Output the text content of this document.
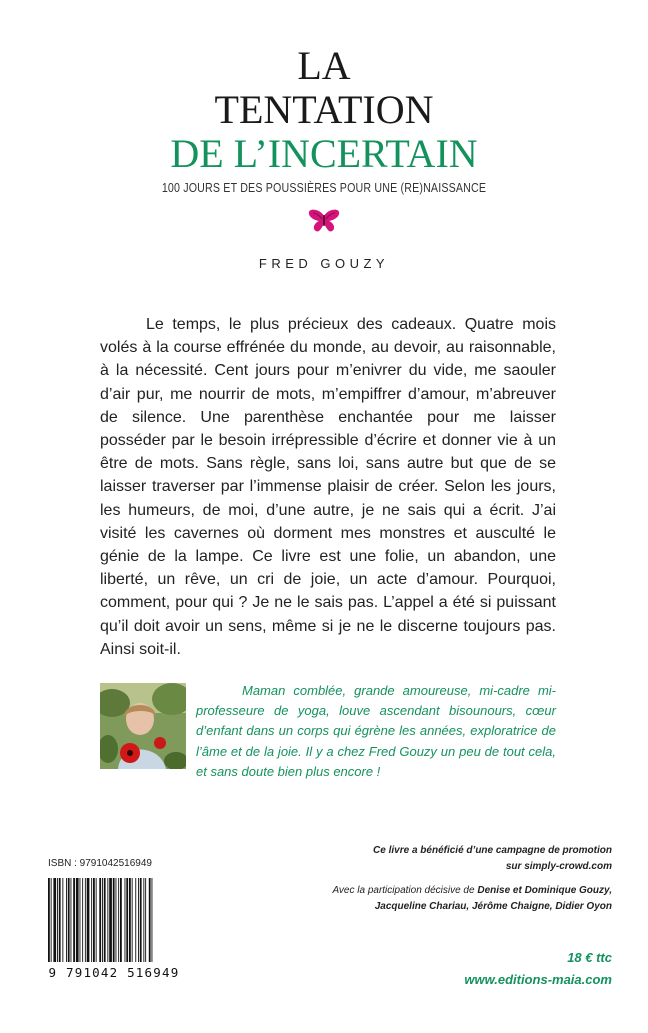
LA
TENTATION
DE L’INCERTAIN
100 JOURS ET DES POUSSIÈRES POUR UNE (RE)NAISSANCE
FRED GOUZY
Le temps, le plus précieux des cadeaux. Quatre mois volés à la course effrénée du monde, au devoir, au raisonnable, à la nécessité. Cent jours pour m’enivrer du vide, me saouler d’air pur, me nourrir de mots, m’empiffrer d’amour, m’abreuver de silence. Une parenthèse enchantée pour me laisser posséder par le besoin irrépressible d’écrire et donner vie à un être de mots. Sans règle, sans loi, sans autre but que de se laisser traverser par l’immense plaisir de créer. Selon les jours, les humeurs, de moi, d’une autre, je ne sais qui a écrit. J’ai visité les cavernes où dorment mes monstres et ausculté le génie de la lampe. Ce livre est une folie, un abandon, une liberté, un rêve, un cri de joie, un acte d’amour. Pourquoi, comment, pour qui ? Je ne le sais pas. L’appel a été si puissant qu’il doit avoir un sens, même si je ne le discerne toujours pas. Ainsi soit-il.
Maman comblée, grande amoureuse, mi-cadre mi-professeure de yoga, louve ascendant bisounours, cœur d’enfant dans un corps qui égrène les années, exploratrice de l’âme et de la joie. Il y a chez Fred Gouzy un peu de tout cela, et sans doute bien plus encore !
Ce livre a bénéficié d’une campagne de promotion
sur simply-crowd.com
Avec la participation décisive de Denise et Dominique Gouzy,
Jacqueline Chariau, Jérôme Chaigne, Didier Oyon
ISBN : 9791042516949
9 791042 516949
18 € ttc
www.editions-maia.com
